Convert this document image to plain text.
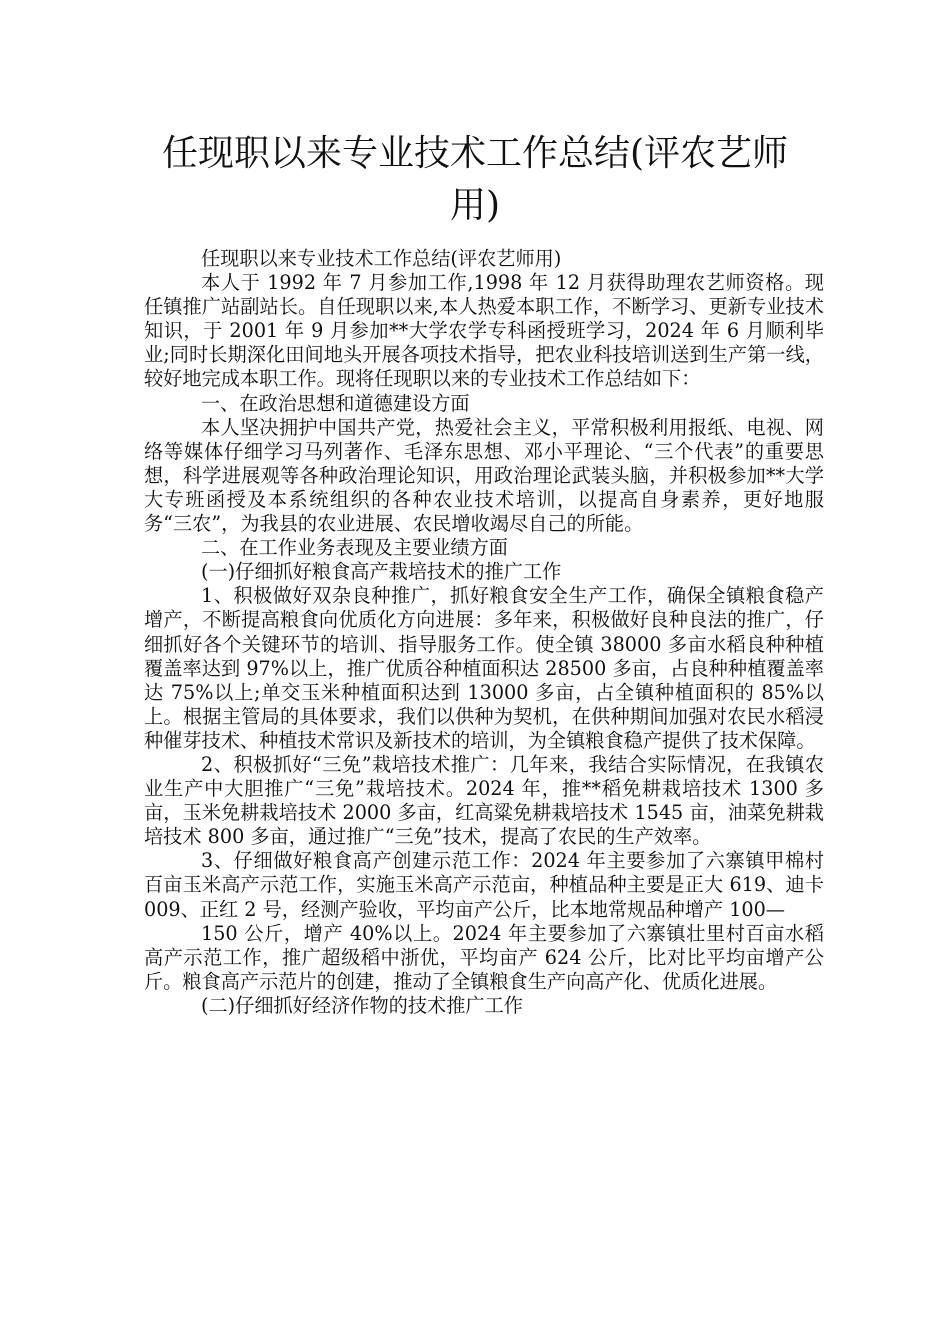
任现职以来专业技术工作总结(评农艺师用)

任现职以来专业技术工作总结(评农艺师用)

本人于 1992 年 7 月参加工作,1998 年 12 月获得助理农艺师资格。现任镇推广站副站长。自任现职以来,本人热爱本职工作，不断学习、更新专业技术知识，于 2001 年 9 月参加**大学农学专科函授班学习，2024 年 6 月顺利毕业;同时长期深化田间地头开展各项技术指导，把农业科技培训送到生产第一线，较好地完成本职工作。现将任现职以来的专业技术工作总结如下：

一、在政治思想和道德建设方面

本人坚决拥护中国共产党，热爱社会主义，平常积极利用报纸、电视、网络等媒体仔细学习马列著作、毛泽东思想、邓小平理论、“三个代表”的重要思想，科学进展观等各种政治理论知识，用政治理论武装头脑，并积极参加**大学大专班函授及本系统组织的各种农业技术培训，以提高自身素养，更好地服务“三农”，为我县的农业进展、农民增收竭尽自己的所能。

二、在工作业务表现及主要业绩方面

(一)仔细抓好粮食高产栽培技术的推广工作

1、积极做好双杂良种推广，抓好粮食安全生产工作，确保全镇粮食稳产增产，不断提高粮食向优质化方向进展：多年来，积极做好良种良法的推广，仔细抓好各个关键环节的培训、指导服务工作。使全镇 38000 多亩水稻良种种植覆盖率达到 97%以上，推广优质谷种植面积达 28500 多亩，占良种种植覆盖率达 75%以上;单交玉米种植面积达到 13000 多亩，占全镇种植面积的 85%以上。根据主管局的具体要求，我们以供种为契机，在供种期间加强对农民水稻浸种催芽技术、种植技术常识及新技术的培训，为全镇粮食稳产提供了技术保障。

2、积极抓好“三免”栽培技术推广：几年来，我结合实际情况，在我镇农业生产中大胆推广“三免”栽培技术。2024 年，推**稻免耕栽培技术 1300 多亩，玉米免耕栽培技术 2000 多亩，红高粱免耕栽培技术 1545 亩，油菜免耕栽培技术 800 多亩，通过推广“三免”技术，提高了农民的生产效率。

3、仔细做好粮食高产创建示范工作：2024 年主要参加了六寨镇甲棉村百亩玉米高产示范工作，实施玉米高产示范亩，种植品种主要是正大 619、迪卡 009、正红 2 号，经测产验收，平均亩产公斤，比本地常规品种增产 100—

150 公斤，增产 40%以上。2024 年主要参加了六寨镇壮里村百亩水稻高产示范工作，推广超级稻中浙优，平均亩产 624 公斤，比对比平均亩增产公斤。粮食高产示范片的创建，推动了全镇粮食生产向高产化、优质化进展。

(二)仔细抓好经济作物的技术推广工作
